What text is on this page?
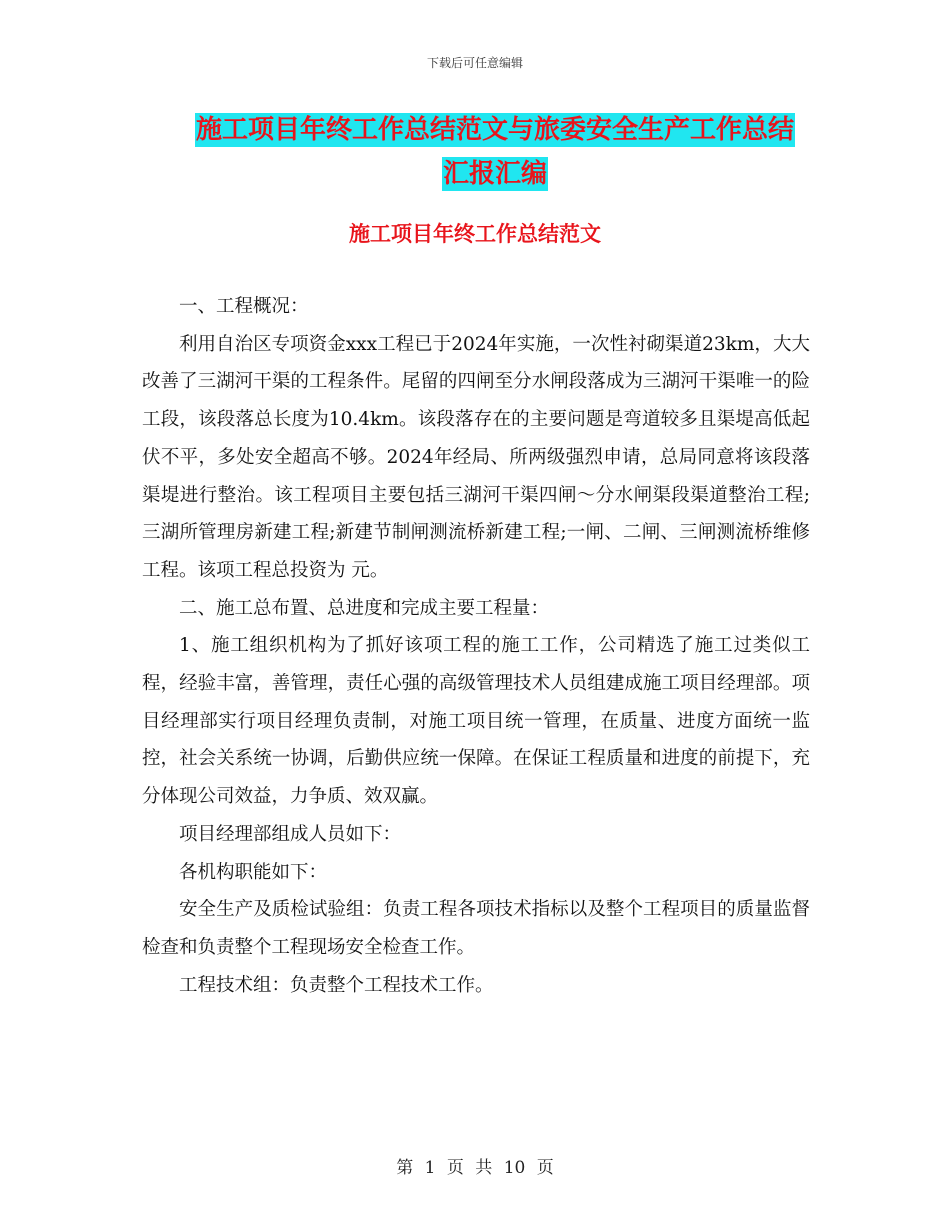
下载后可任意编辑
施工项目年终工作总结范文与旅委安全生产工作总结
汇报汇编
施工项目年终工作总结范文

一、工程概况：

利用自治区专项资金xxx工程已于2024年实施，一次性衬砌渠道23km，大大改善了三湖河干渠的工程条件。尾留的四闸至分水闸段落成为三湖河干渠唯一的险工段，该段落总长度为10.4km。该段落存在的主要问题是弯道较多且渠堤高低起伏不平，多处安全超高不够。2024年经局、所两级强烈申请，总局同意将该段落渠堤进行整治。该工程项目主要包括三湖河干渠四闸～分水闸渠段渠道整治工程;三湖所管理房新建工程;新建节制闸测流桥新建工程;一闸、二闸、三闸测流桥维修工程。该项工程总投资为 元。

二、施工总布置、总进度和完成主要工程量：

1、施工组织机构为了抓好该项工程的施工工作，公司精选了施工过类似工程，经验丰富，善管理，责任心强的高级管理技术人员组建成施工项目经理部。项目经理部实行项目经理负责制，对施工项目统一管理，在质量、进度方面统一监控，社会关系统一协调，后勤供应统一保障。在保证工程质量和进度的前提下，充分体现公司效益，力争质、效双赢。

项目经理部组成人员如下：

各机构职能如下：

安全生产及质检试验组：负责工程各项技术指标以及整个工程项目的质量监督检查和负责整个工程现场安全检查工作。

工程技术组：负责整个工程技术工作。

第 1 页 共 10 页
